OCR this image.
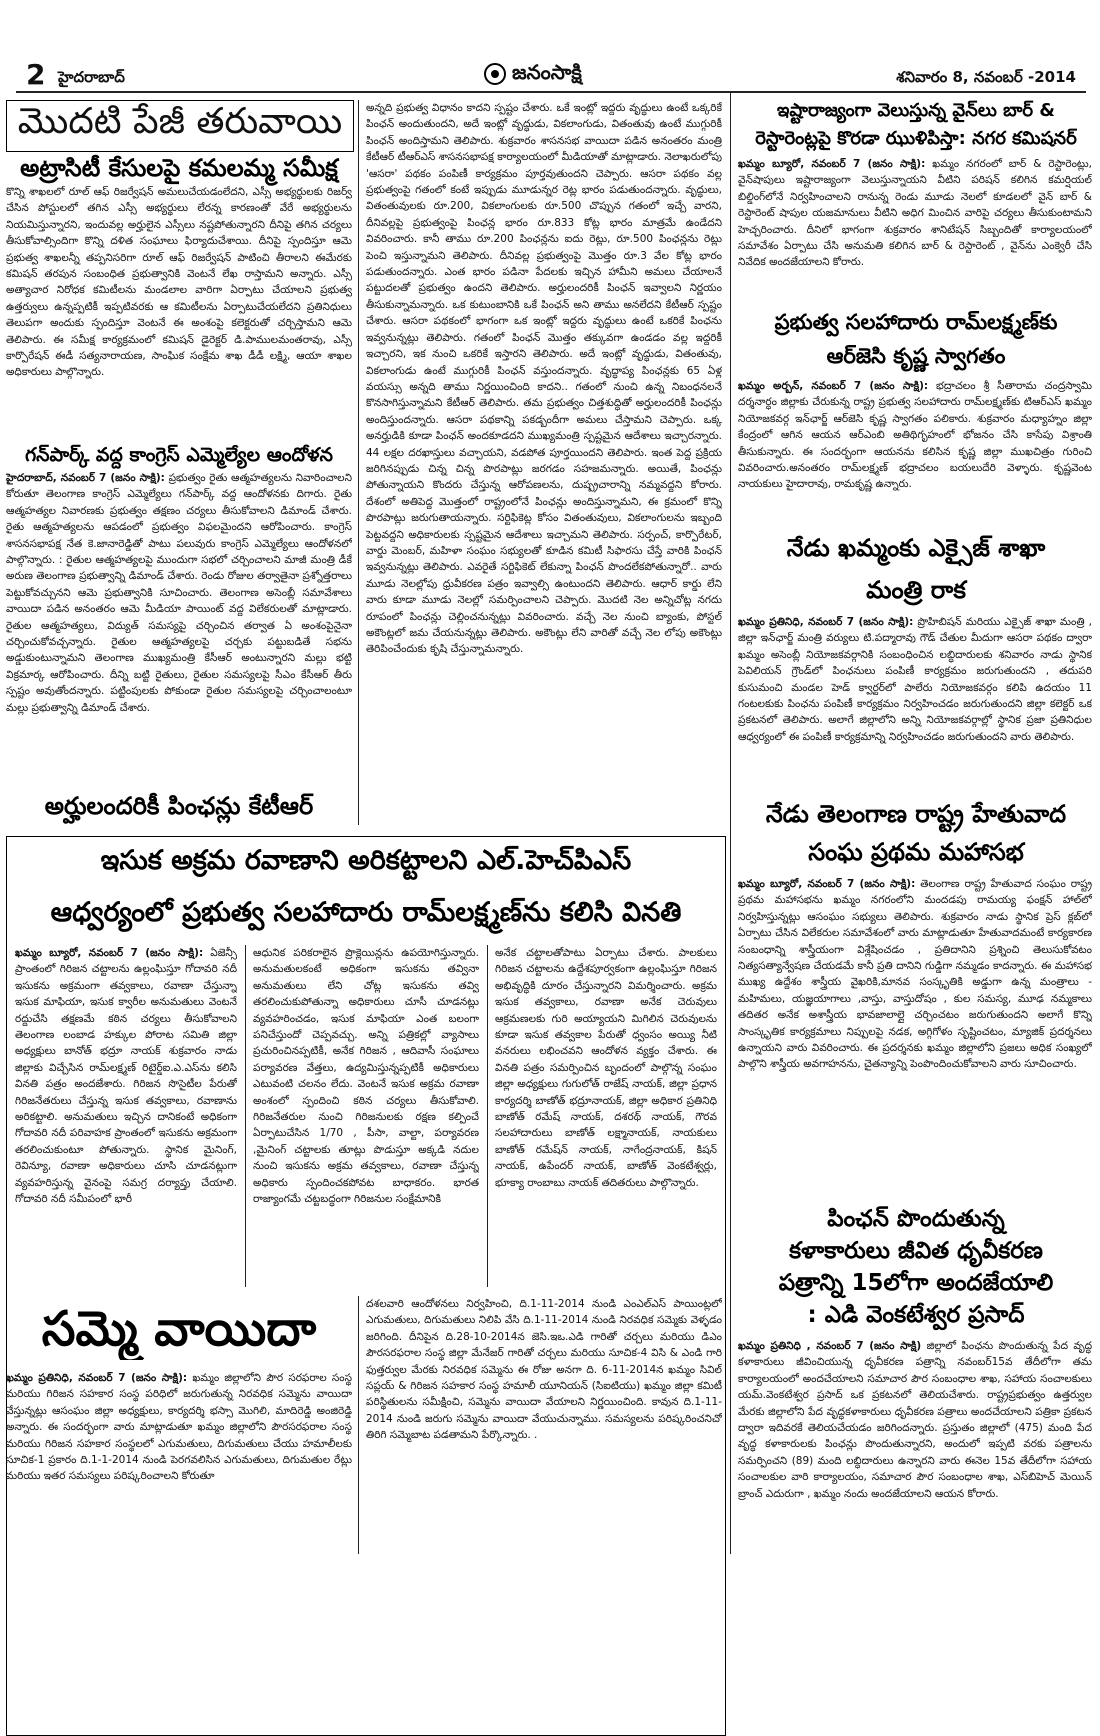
2 హైదరాబాద్‌	జనంసాక్షి	శనివారం 8, నవంబర్‌ -2014
మొదటి పేజీ తరువాయి
అట్రాసిటీ కేసులపై కమలమ్మ సమీక్ష
కొన్ని శాఖలలో రూల్‌ ఆఫ్‌ రిజర్వేషన్‌ అమలుచేయడంలేదని, ఎస్సీ అభ్యర్థులకు రిజర్వ్‌ చేసిన పోస్టులలో తగిన ఎస్సీ అభ్యర్థులు లేరన్న కారణంతో వేరే అభ్యర్థులను నియమిస్తున్నారని, ఇందువల్ల అర్హులైన ఎస్సీలు నష్టపోతున్నారని దీనిపై తగిన చర్యలు తీసుకోవాల్సిందిగా కొన్ని దళిత సంఘాలు ఫిర్యాదుచేశాయి. దీనిపై స్పందిస్తూ ఆమె ప్రభుత్వ శాఖలన్నీ తప్పనిసరిగా రూల్‌ ఆఫ్‌ రిజర్వేషన్‌ పాటించి తీరాలని ఈమేరకు కమిషన్‌ తరపున సంబంధిత ప్రభుత్వానికి వెంటనే లేఖ రాస్తామని అన్నారు. ఎస్సీ అత్యాచార నిరోధక కమిటీలను మండలాల వారిగా ఏర్పాటు చేయాలని ప్రభుత్వ ఉత్తర్వులు ఉన్నప్పటికీ ఇప్పటివరకు ఆ కమిటీలను ఏర్పాటుచేయలేదని ప్రతినిధులు తెలుపగా అందుకు స్పందిస్తూ వెంటనే ఈ అంశంపై కలెక్టరుతో చర్చిస్తామని ఆమె తెలిపారు. ఈ సమీక్ష కార్యక్రమంలో కమిషన్‌ డైరెక్టర్‌ డి.పాములమంతరావు, ఎస్సీ కార్పొరేషన్‌ ఈడీ సత్యనారాయణ, సాంఘిక సంక్షేమ శాఖ డీడీ లక్ష్మి, ఆయా శాఖల అధికారులు పాల్గొన్నారు.
గన్‌పార్క్‌ వద్ద కాంగ్రెస్‌ ఎమ్మెల్యేల ఆందోళన
హైదరాబాద్‌, నవంబర్‌ 7 (జనం సాక్షి): ప్రభుత్వం రైతు ఆత్మహత్యలను నివారించాలని కోరుతూ తెలంగాణ కాంగ్రెస్‌ ఎమ్మెల్యేలు గన్‌పార్క్‌ వద్ద ఆందోళనకు దిగారు. రైతు ఆత్మహత్యల నివారణకు ప్రభుత్వం తక్షణం చర్యలు తీసుకోవాలని డిమాండ్‌ చేశారు. రైతు ఆత్మహత్యలను ఆపడంలో ప్రభుత్వం విఫలమైందని ఆరోపించారు. కాంగ్రెస్‌ శాసనసభాపక్ష నేత కె.జానారెడ్డితో పాటు పలువురు కాంగ్రెస్‌ ఎమ్మెల్యేలు ఆందోళనలో పాల్గొన్నారు. : రైతుల ఆత్మహత్యలపై ముందుగా సభలో చర్చించాలని మాజీ మంత్రి డీకే అరుణ తెలంగాణ ప్రభుత్వాన్ని డిమాండ్‌ చేశారు. రెండు రోజుల తర్వాతైనా ప్రశ్నోత్తరాలు పెట్టుకోవచ్చునని ఆమె ప్రభుత్వానికి సూచించారు. తెలంగాణ అసెంబ్లీ సమావేశాలు వాయిదా పడిన అనంతరం ఆమె మీడియా పాయింట్‌ వద్ద విలేకరులతో మాట్లాడారు. రైతుల ఆత్మహత్యలు, విద్యుత్‌ సమస్యపై చర్చించిన తర్వాత ఏ అంశంపైనైనా చర్చించుకోవచ్చన్నారు. రైతుల ఆత్మహత్యలపై చర్చకు పట్టుబడితే సభను అడ్డుకుంటున్నామని తెలంగాణ ముఖ్యమంత్రి కేసీఆర్‌ అంటున్నారని మల్లు భట్టి విక్రమార్క ఆరోపించారు. దీన్ని బట్టి రైతులు, రైతుల సమస్యలపై సీఎం కేసీఆర్‌ తీరు స్పష్టం అవుతోందన్నారు. పట్టింపులకు పోకుండా రైతుల సమస్యలపై చర్చించాలంటూ మల్లు ప్రభుత్వాన్ని డిమాండ్‌ చేశారు.
అర్హులందరికీ పింఛన్లు కేటీఆర్‌
అన్నది ప్రభుత్వ విధానం కాదని స్పష్టం చేశారు. ఒకే ఇంట్లో ఇద్దరు వృద్ధులు ఉంటే ఒక్కరికే పింఛన్‌ అందుతుందని, అదే ఇంట్లో వృద్ధుడు, వికలాంగుడు, వితంతువు ఉంటే ముగ్గురికీ పింఛన్‌ అందిస్తామని తెలిపారు. శుక్రవారం శాసనసభ వాయిదా పడిన అనంతరం మంత్రి కేటీఆర్‌ టీఆర్‌ఎస్‌ శాసనసభాపక్ష కార్యాలయంలో మీడియాతో మాట్లాడారు. నెలాఖరులోపు 'ఆసరా' పథకం పంపిణీ కార్యక్రమం పూర్తవుతుందని చెప్పారు. ఆసరా పథకం వల్ల ప్రభుత్వంపై గతంలో కంటే ఇప్పుడు మూడున్నర రెట్ల భారం పడుతుందన్నారు. వృద్ధులు, వితంతువులకు రూ.200, వికలాంగులకు రూ.500 చొప్పున గతంలో ఇచ్చే వారని, దీనివల్లపై ప్రభుత్వంపై పింఛన్ల భారం రూ.833 కోట్ల భారం మాత్రమే ఉండేదని వివరించారు. కానీ తాము రూ.200 పింఛన్లను ఐదు రెట్లు, రూ.500 పింఛన్లను రెట్లు పెంచి ఇస్తున్నామని తెలిపారు. దీనివల్ల ప్రభుత్వంపై మొత్తం రూ.3 వేల కోట్ల భారం పడుతుందన్నారు. ఎంత భారం పడినా పేదలకు ఇచ్చిన హామీని అమలు చేయాలనే పట్టుదలతో ప్రభుత్వం ఉందని తెలిపారు. అర్హులందరికీ పింఛన్‌ ఇవ్వాలని నిర్ణయం తీసుకున్నామన్నారు. ఒక కుటుంబానికి ఒకే పింఛన్‌ అని తాము అనలేదని కేటీఆర్‌ స్పష్టం చేశారు. ఆసరా పథకంలో భాగంగా ఒక ఇంట్లో ఇద్దరు వృద్ధులు ఉంటే ఒకరికే పింఛను ఇవ్వనున్నట్లు తెలిపారు. గతంలో పింఛన్‌ మొత్తం తక్కువగా ఉండడం వల్ల ఇద్దరికీ ఇచ్చారని, ఇక నుంచి ఒకరికే ఇస్తారని తెలిపారు. అదే ఇంట్లో వృద్ధుడు, వితంతువు, వికలాంగుడు ఉంటే ముగ్గురికీ పింఛన్‌ వస్తుందన్నారు. వృద్ధాప్య పింఛన్లకు 65 ఏళ్ల వయస్సు అన్నది తాము నిర్ణయించింది కాదని.. గతంలో నుంచి ఉన్న నిబంధనలనే కొనసాగిస్తున్నామని కేటీఆర్‌ తెలిపారు. తమ ప్రభుత్వం చిత్తశుద్ధితో అర్హులందరికీ పింఛన్లు అందిస్తుందన్నారు. ఆసరా పథకాన్ని పకడ్బందీగా అమలు చేస్తామని చెప్పారు. ఒక్క అనర్హుడికి కూడా పింఛన్‌ అందకూడదని ముఖ్యమంత్రి స్పష్టమైన ఆదేశాలు ఇచ్చారన్నారు. 44 లక్షల దరఖాస్తులు వచ్చాయని, వడపోత పూర్తయిందని తెలిపారు. ఇంత పెద్ద ప్రక్రియ జరిగినప్పుడు చిన్న చిన్న పొరపాట్లు జరగడం సహజమన్నారు. అయితే, పింఛన్లు పోతున్నాయని కొందరు చేస్తున్న ఆరోపణలను, దుష్ప్రచారాన్ని నమ్మవద్దని కోరారు. దేశంలో అతిపెద్ద మొత్తంలో రాష్ట్రంలోనే పింఛన్లు అందిస్తున్నామని, ఈ క్రమంలో కొన్ని పొరపాట్లు జరుగుతాయన్నారు. సర్టిఫికెట్ల కోసం వితంతువులు, వికలాంగులను ఇబ్బంది పెట్టవద్దని అధికారులకు స్పష్టమైన ఆదేశాలు ఇచ్చామని తెలిపారు. సర్పంచ్‌, కార్పొరేటర్‌, వార్డు మెంబర్‌, మహిళా సంఘం సభ్యులతో కూడిన కమిటీ సిఫారసు చేస్తే వారికి పింఛన్‌ ఇవ్వనున్నట్లు తెలిపారు. ఎవరైతే సర్టిఫికెట్‌ లేకున్నా పింఛన్‌ పొందలేకపోతున్నారో.. వారు మూడు నెలల్లోపు ధ్రువీకరణ పత్రం ఇవ్వాల్సి ఉంటుందని తెలిపారు. ఆధార్‌ కార్డు లేని వారు కూడా మూడు నెలల్లో సమర్పించాలని చెప్పారు. మొదటి నెల అన్నిచోట్ల నగదు రూపంలో పింఛన్లు చెల్లించనున్నట్లు వివరించారు. వచ్చే నెల నుంచి బ్యాంకు, పోస్టల్‌ అకౌంట్లలో జమ చేయనున్నట్లు తెలిపారు. అకౌంట్లు లేని వారితో వచ్చే నెల లోపు అకౌంట్లు తెరిపించేందుకు కృషి చేస్తున్నామన్నారు.
ఇసుక అక్రమ రవాణాని అరికట్టాలని ఎల్‌.హెచ్‌పిఎస్‌
ఆధ్వర్యంలో ప్రభుత్వ సలహాదారు రామ్‌లక్ష్మణ్‌ను కలిసి వినతి
ఖమ్మం బ్యూరో, నవంబర్‌ 7 (జనం సాక్షి): ఏజెన్సీ ప్రాంతంలో గిరిజన చట్టాలను ఉల్లంఘిస్తూ గోదావరి నదీ ఇసుకను అక్రమంగా తవ్వకాలు, రవాణా చేస్తున్నా ఇసుక మాఫియా, ఇసుక క్వారీల అనుమతులు వెంటనే రద్దుచేసి తక్షణమే కఠిన చర్యలు తీసుకోవాలని తెలంగాణ లంబాడ హక్కుల పోరాట సమితి జిల్లా అధ్యక్షులు బానోత్‌ భద్రూ నాయక్‌ శుక్రవారం నాడు జిల్లాకు విచ్చేసిన రామ్‌లక్ష్మణ్‌ రిటైర్డ్‌ఐ.ఎ.ఎస్‌ను కలిసి వినతి పత్రం అందజేశారు. గిరిజన సొసైటీల పేరుతో గిరిజనేతరులు చేస్తున్న ఇసుక తవ్వకాలు, రవాణాను అరికట్టాలి. అనుమతులు ఇచ్చిన దానికంటే అధికంగా గోదావరి నదీ పరివాహక ప్రాంతంలో ఇసుకను అక్రమంగా తరలించుకుంటూ పోతున్నారు. స్థానిక మైనింగ్‌, రెవిన్యూ, రవాణా అధికారులు చూసి చూడనట్లుగా వ్యవహరిస్తున్న వైనంపై సమగ్ర దర్యాప్తు చేయాలి. గోదావరి నదీ సమీపంలో భారీ
ఆధునిక పరికరాలైన ప్రొక్లెయిన్లను ఉపయోగిస్తున్నారు. అనుమతులకంటే అధికంగా ఇసుకను తవ్వినా అనుమతులు లేని చోట్ల ఇసుకను తవ్వి తరలించుకుపోతున్నా అధికారులు చూసీ చూడనట్లు వ్యవహరించడం, ఇసుక మాఫియా ఎంత బలంగా పనిచేస్తుందో చెప్పవచ్చు. అన్ని పత్రికల్లో వ్యాసాలు ప్రచురించినప్పటికీ, అనేక గిరిజన , ఆదివాసీ సంఘాలు పర్యావరణ వేత్తలు, ఉద్యమిస్తున్నప్పటికీ అధికారులు ఎటువంటి చలనం లేదు. వెంటనే ఇసుక అక్రమ రవాణా అంశంలో స్పందించి కఠిన చర్యలు తీసుకోవాలి. గిరిజనేతరుల నుంచి గిరిజనులకు రక్షణ కల్పించే ఏర్పాటుచేసిన 1/70 , పీసా, వాల్టా, పర్యావరణ ,మైనింగ్‌ చట్టాలకు తూట్లు పొడుస్తూ అక్కడి నదుల నుంచి ఇసుకను అక్రమ తవ్వకాలు, రవాణా చేస్తున్న అధికారు స్పందించకపోవట బాధాకరం. భారత రాజ్యాంగమే చట్టబద్ధంగా గిరిజనుల సంక్షేమానికి
అనేక చట్టాలతోపాటు ఏర్పాటు చేశారు. పాలకులు గిరిజన చట్టాలను ఉద్దేశపూర్వకంగా ఉల్లంఘిస్తూ గిరిజన అభివృద్ధికి దూరం చేస్తున్నారని విమర్శించారు. అక్రమ ఇసుక తవ్వకాలు, రవాణా అనేక చెరువులు ఆక్రమణలకు గురి అయ్యాయని మిగిలిన చెరువులను కూడా ఇసుక తవ్వకాల పేరుతో ధ్వంసం అయ్యి నీటి వనరులు లభించవని ఆందోళన వ్యక్తం చేశారు. ఈ వినతి పత్రం సమర్పించిన బృందంలో పాల్గొన్న సంఘం జిల్లా అధ్యక్షులు గుగులోత్‌ రాజేష్‌ నాయక్‌, జిల్లా ప్రధాన కార్యదర్శి బాణోత్‌ భద్రూనాయక్‌, జిల్లా అధికార ప్రతినిధి బాణోత్‌ రమేష్‌ నాయక్‌, దశరథ్‌ నాయక్‌, గౌరవ సలహాదారులు బాణోత్‌ లక్ష్మానాయక్‌, నాయకులు బాణోత్‌ రమేష్‌న్‌ నాయక్‌, నాగేంద్రనాయక్‌, కిషన్‌ నాయక్‌, ఉపేందర్‌ నాయక్‌, బాణోత్‌ వెంకటేశ్వర్లు, భూక్యా రాంబాబు నాయక్‌ తదితరులు పాల్గొన్నారు.
సమ్మె వాయిదా
ఖమ్మం ప్రతినిధి, నవంబర్‌ 7 (జనం సాక్షి): ఖమ్మం జిల్లాలోని పౌర సరఫరాల సంస్థ మరియు గిరిజన సహకార సంస్థ పరిధిలో జరుగుతున్న నిరవధిక సమ్మెను వాయిదా వేస్తున్నట్లు ఆసంఘం జిల్లా అధ్యక్షులు, కార్యదర్శి భస్సా మొగిలి, మాదిరెడ్డి అంజిరెడ్డి అన్నారు. ఈ సందర్భంగా వారు మాట్లాడుతూ ఖమ్మం జిల్లాలోని పౌరసరఫరాల సంస్థ మరియు గిరిజన సహకార సంస్థలలో ఎగుమతులు, దిగుమతులు చేయు హమాలీలకు సూచిక-1 ప్రకారం ది.1-1-2014 నుండి పెరగవలిసిన ఎగుమతులు, దిగుమతుల రేట్లు మరియు ఇతర సమస్యలు పరిష్కరించాలని కోరుతూ
దశలవారి ఆందోళనలు నిర్వహించి, ది.1-11-2014 నుండి ఎంఎల్‌ఎస్‌ పాయింట్లలో ఎగుమతులు, దిగుమతులు నిలిపి వేసి ది.1-11-2014 నుండి నిరవధిక సమ్మెకు వెళ్ళడం జరిగింది. దీనిపైన ది.28-10-2014న జెసి.ఇఒ.ఎడి గారితో చర్చలు మరియు డిఎం పౌరసరఫరాల సంస్థ జిల్లా మేనేజర్‌ గారితో చర్చలు మరియు సూచిక-4 విసి & ఎండి గారి ఫుత్తర్వుల మేరకు నిరవధిక సమ్మెను ఈ రోజు అనగా ది. 6-11-2014న ఖమ్మం సివిల్‌ సప్లయ్‌ & గిరిజన సహకార సంస్థ హమాలీ యూనియన్‌ (సిఐటియు) ఖమ్మం జిల్లా కమిటీ పరిస్థితులను సమీక్షించి, సమ్మెను వాయిదా వేయాలని నిర్ణయించింది. కావున ది.1-11-2014 నుండి జరుగు సమ్మెను వాయిదా వేయుచున్నాము. సమస్యలను పరిష్కరించనిచో తిరిగి సమ్మెబాట పడతామని పేర్కొన్నారు. .
ఇష్టారాజ్యంగా వెలుస్తున్న వైన్‌లు బార్‌ &
రెస్టారెంట్లపై కొరడా ఝుళిపిస్తా: నగర కమిషనర్‌
ఖమ్మం బ్యూరో, నవంబర్‌ 7 (జనం సాక్షి): ఖమ్మం నగరంలో బార్‌ & రెస్టారెంట్లు, వైన్‌షాపులు ఇష్టారాజ్యంగా వెలుస్తున్నాయని వీటిని పరిషన్‌ కలిగిన కమర్షియల్‌ బిల్డింగ్‌లోనే నిర్వహించాలని రానున్న రెండు మూడు నెలలో కూడలలో వైన్‌ బార్‌ & రెస్టారెంట్‌ షాపుల యజమానులు వీటిని అధిగ మించిన వారిపై చర్యలు తీసుకుంటామని హెచ్చరించారు. దీనిలో భాగంగా శుక్రవారం శానిటేషన్‌ సిబ్బందితో కార్యాలయంలో సమావేశం ఏర్పాటు చేసి అనుమతి కలిగిన బార్‌ & రెస్టారెంట్‌ , వైన్‌ను ఎంక్వెరీ చేసి నివేదిక అందజేయాలని కోరారు.
ప్రభుత్వ సలహాదారు రామ్‌లక్ష్మణ్‌కు
ఆర్‌జెసి కృష్ణ స్వాగతం
ఖమ్మం అర్బన్‌, నవంబర్‌ 7 (జనం సాక్షి): భద్రాచలం శ్రీ సీతారామ చంద్రస్వామి దర్శనార్ధం జిల్లాకు చేరుకున్న రాష్ట్ర ప్రభుత్వ సలహాదారు రామ్‌లక్ష్మణ్‌కు టిఆర్‌ఎస్‌ ఖమ్మం నియోజకవర్గ ఇన్‌ఛార్జ్‌ ఆర్‌జెసి కృష్ణ స్వాగతం పలికారు. శుక్రవారం మధ్యాహ్నం జిల్లా కేంద్రంలో ఆగిన ఆయన ఆర్‌ఎంబి అతిథిగృహంలో భోజనం చేసి కాసేపు విశ్రాంతి తీసుకున్నారు. ఈ సందర్భంగా ఆయనను కలిసిన కృష్ణ జిల్లా ముఖచిత్రం గురించి వివరించారు.అనంతరం రామ్‌లక్ష్మణ్‌ భద్రాచలం బయలుదేరి వెళ్ళారు. కృష్ణవెంట నాయకులు హైదారావు, రామకృష్ణ ఉన్నారు.
నేడు ఖమ్మంకు ఎక్సైజ్‌ శాఖా
మంత్రి రాక
ఖమ్మం ప్రతినిధి, నవంబర్‌ 7 (జనం సాక్షి): ప్రొహిబిషన్‌ మరియు ఎక్సైజ్‌ శాఖా మంత్రి , జిల్లా ఇన్‌ఛార్జ్‌ మంత్రి వర్యులు టి.పద్మారావు గౌడ్‌ చేతుల మీదుగా ఆసరా పథకం ద్వారా ఖమ్మం అసెంబ్లీ నియోజకవర్గానికి సంబంధించిన లబ్ధిదారులకు శనివారం నాడు స్థానిక పెవిలియన్‌ గ్రౌండ్‌లో పింఛనులు పంపిణీ కార్యక్రమం జరుగుతుందని , తదుపరి కుసుమంచి మండల హెడ్‌ క్వార్టర్‌లో పాలేరు నియోజకవర్గం కలిపి ఉదయం 11 గంటలకుకు పింఛను పంపిణీ కార్యక్రమం నిర్వహించడం జరుగుతుందని జిల్లా కలెక్టర్‌ ఒక ప్రకటనలో తెలిపారు. అలాగే జిల్లాలోని అన్ని నియోజకవర్గాల్లో స్థానిక ప్రజా ప్రతినిధుల ఆధ్వర్యంలో ఈ పంపిణీ కార్యక్రమాన్ని నిర్వహించడం జరుగుతుందని వారు తెలిపారు.
నేడు తెలంగాణ రాష్ట్ర హేతువాద
సంఘ ప్రథమ మహాసభ
ఖమ్మం బ్యూరో, నవంబర్‌ 7 (జనం సాక్షి): తెలంగాణ రాష్ట్ర హేతువాద సంఘం రాష్ట్ర ప్రథమ మహాసభను ఖమ్మం నగరంలోని మందడపు రామయ్య ఫంక్షన్‌ హాల్‌లో నిర్వహిస్తున్నట్లు ఆసంఘం సభ్యులు తెలిపారు. శుక్రవారం నాడు స్థానిక ప్రెస్‌ క్లబ్‌లో ఏర్పాటు చేసిన విలేకరుల సమావేశంలో వారు మాట్లాడుతూ హేతువాదమంటే కార్యకారణ సంబంధాన్ని శాస్త్రీయంగా విశ్లేషించడం , ప్రతిదానిని ప్రశ్నించి తెలుసుకోవటం నిత్యసత్యాన్వేషణ చేయడమే కానీ ప్రతి దానిని గుడ్డిగా నమ్మడం కాదన్నారు. ఈ మహాసభ ముఖ్య ఉద్దేశం శాస్త్రీయ వైఖరికి,మానవ సంస్కృతికి అడ్డుగా ఉన్న మంత్రాలు - మహిమలు, యజ్ఞయాగాలు ,వాస్తు, వాస్తుదోషం , కుల సమస్య, మూఢ నమ్మకాలు తదితర అనేక అశాస్త్రీయ భావజాలాల్లై చర్చించటం జరుగుతుందని అలాగే కొన్ని సాంస్కృతిక కార్యక్రమాలు నిప్పులపై నడక, అగ్గిగోళం సృష్టించటం, మ్యాజిక్‌ ప్రదర్శనలు ఉన్నాయని వారు వివరించారు. ఈ ప్రదర్శనకు ఖమ్మం జిల్లాలోని ప్రజలు అధిక సంఖ్యలో పాల్గొని శాస్త్రీయ అవగాహనను, చైతన్యాన్ని పెంపొందించుకోవాలని వారు సూచించారు.
పింఛన్‌ పొందుతున్న
కళాకారులు జీవిత ధృవీకరణ
పత్రాన్ని 15లోగా అందజేయాలి
: ఎడి వెంకటేశ్వర ప్రసాద్‌
ఖమ్మం ప్రతినిధి , నవంబర్‌ 7 (జనం సాక్షి) జిల్లాలో పింఛను పొందుతున్న పేద వృద్ధ కళాకారులు జీవించియున్న ధృవీకరణ పత్రాన్ని నవంబర్‌15వ తేదీలోగా తమ కార్యాలయంలో అందచేయాలని సమాచార పౌర సంబంధాల శాఖ, సహాయ సంచాలకులు యమ్‌.వెంకటేశ్వర ప్రసాద్‌ ఒక ప్రకటనలో తెలియచేశారు. రాష్ట్రప్రభుత్వం ఉత్తర్వుల మేరకు జిల్లాలోని పేద వృద్ధకళాకారులు ధృవీకరణ పత్రాలు అందచేయాలని పత్రికా ప్రకటన ద్వారా ఇదివరకే తెలియచేయడం జరిగిందన్నారు. ప్రస్తుతం జిల్లాలో (475) మంది పేద వృద్ధ కళాకారులకు పింఛన్లు పొందుతున్నారని, అందులో ఇప్పటి వరకు పత్రాలను సమర్పించని (89) మంది లబ్ధిదారులు ఉన్నారని వారు ఈనెల 15వ తేదీలోగా సహాయ సంచాలకుల వారి కార్యాలయం, సమాచార పౌర సంబంధాల శాఖ, ఎస్‌బిహెచ్‌ మెయిన్‌ బ్రాంచ్‌ ఎదురుగా , ఖమ్మం నందు అందజేయాలని ఆయన కోరారు.
